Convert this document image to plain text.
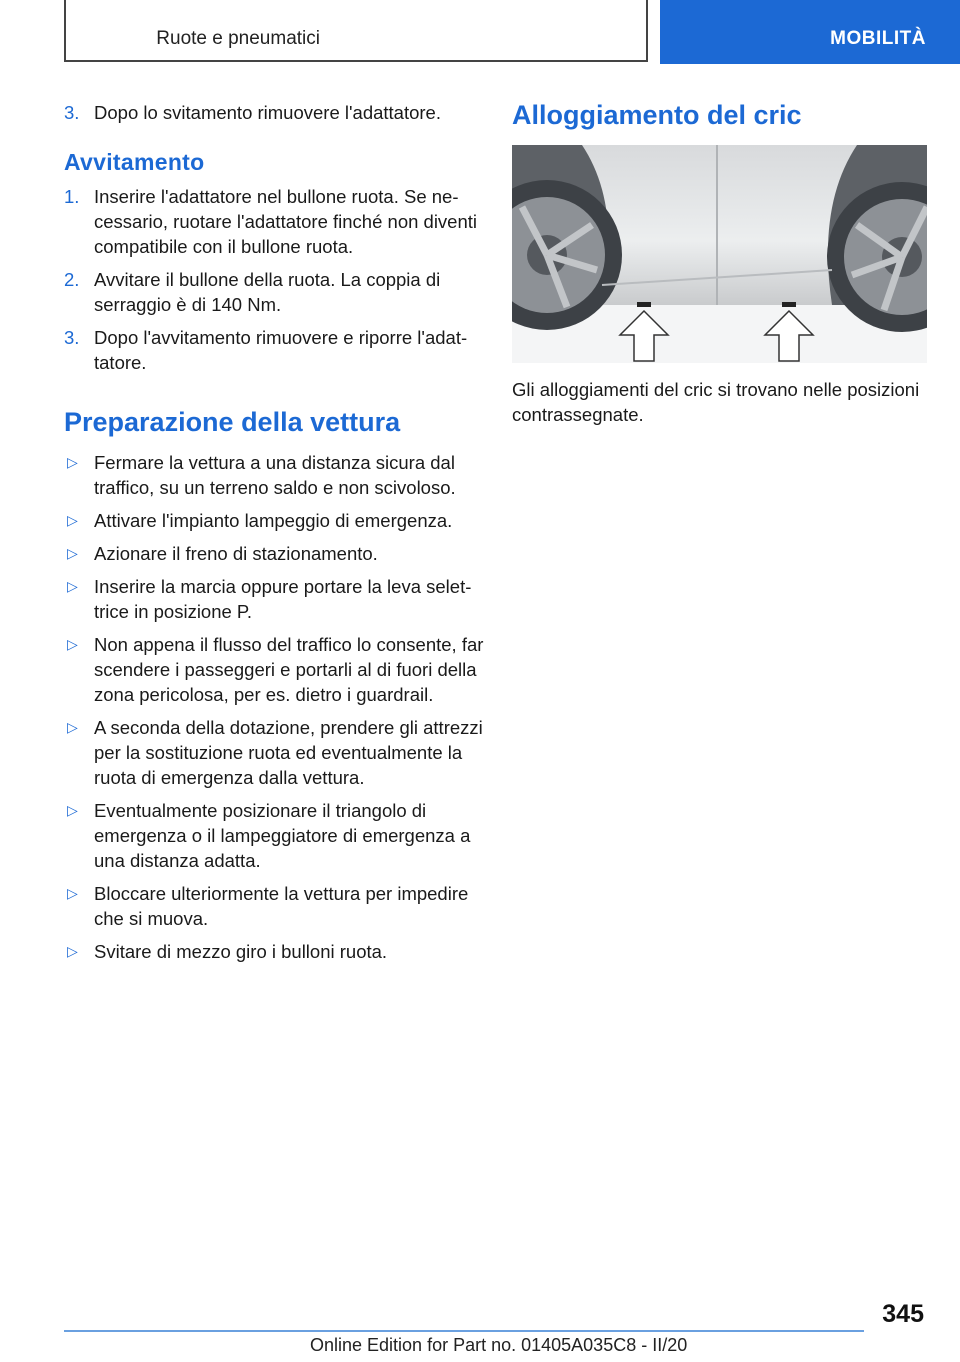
Ruote e pneumatici	MOBILITÀ
3. Dopo lo svitamento rimuovere l'adattatore.
Avvitamento
1. Inserire l'adattatore nel bullone ruota. Se necessario, ruotare l'adattatore finché non diventi compatibile con il bullone ruota.
2. Avvitare il bullone della ruota. La coppia di serraggio è di 140 Nm.
3. Dopo l'avvitamento rimuovere e riporre l'adattatore.
Preparazione della vettura
▷ Fermare la vettura a una distanza sicura dal traffico, su un terreno saldo e non scivoloso.
▷ Attivare l'impianto lampeggio di emergenza.
▷ Azionare il freno di stazionamento.
▷ Inserire la marcia oppure portare la leva selettrice in posizione P.
▷ Non appena il flusso del traffico lo consente, far scendere i passeggeri e portarli al di fuori della zona pericolosa, per es. dietro i guardrail.
▷ A seconda della dotazione, prendere gli attrezzi per la sostituzione ruota ed eventualmente la ruota di emergenza dalla vettura.
▷ Eventualmente posizionare il triangolo di emergenza o il lampeggiatore di emergenza a una distanza adatta.
▷ Bloccare ulteriormente la vettura per impedire che si muova.
▷ Svitare di mezzo giro i bulloni ruota.
Alloggiamento del cric
Gli alloggiamenti del cric si trovano nelle posizioni contrassegnate.
345
Online Edition for Part no. 01405A035C8 - II/20
